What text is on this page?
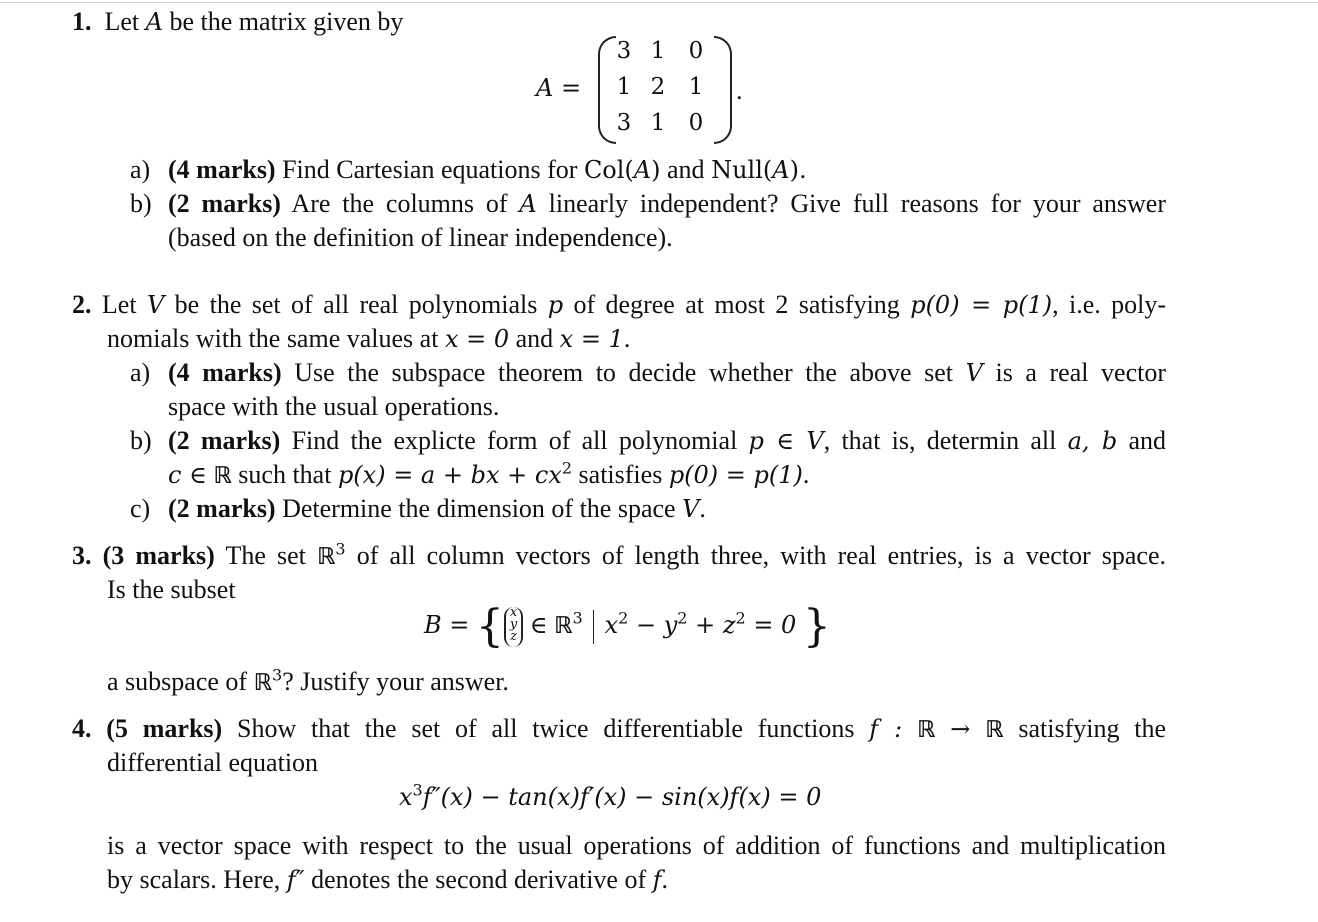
1. Let A be the matrix given by
A =
3 1 0
1 2 1
3 1 0
.
a) (4 marks) Find Cartesian equations for Col(A) and Null(A).
b) (2 marks) Are the columns of A linearly independent? Give full reasons for your answer
(based on the definition of linear independence).
2. Let V be the set of all real polynomials p of degree at most 2 satisfying p(0) = p(1), i.e. poly-
nomials with the same values at x = 0 and x = 1.
a) (4 marks) Use the subspace theorem to decide whether the above set V is a real vector
space with the usual operations.
b) (2 marks) Find the explicte form of all polynomial p ∈ V, that is, determin all a, b and
c ∈ ℝ such that p(x) = a + bx + $cx^2$ satisfies p(0) = p(1).
c) (2 marks) Determine the dimension of the space V.
3. (3 marks) The set ℝ$^3$ of all column vectors of length three, with real entries, is a vector space.
Is the subset
B = { x
y
z ∈ ℝ$^3$ $x^2 - y^2 + z^2 = 0$ }
a subspace of ℝ$^3$? Justify your answer.
4. (5 marks) Show that the set of all twice differentiable functions f : ℝ → ℝ satisfying the
differential equation
$x^3f''(x) - \tan(x)f'(x) - \sin(x)f(x) = 0$
is a vector space with respect to the usual operations of addition of functions and multiplication
by scalars. Here, f″ denotes the second derivative of f.
